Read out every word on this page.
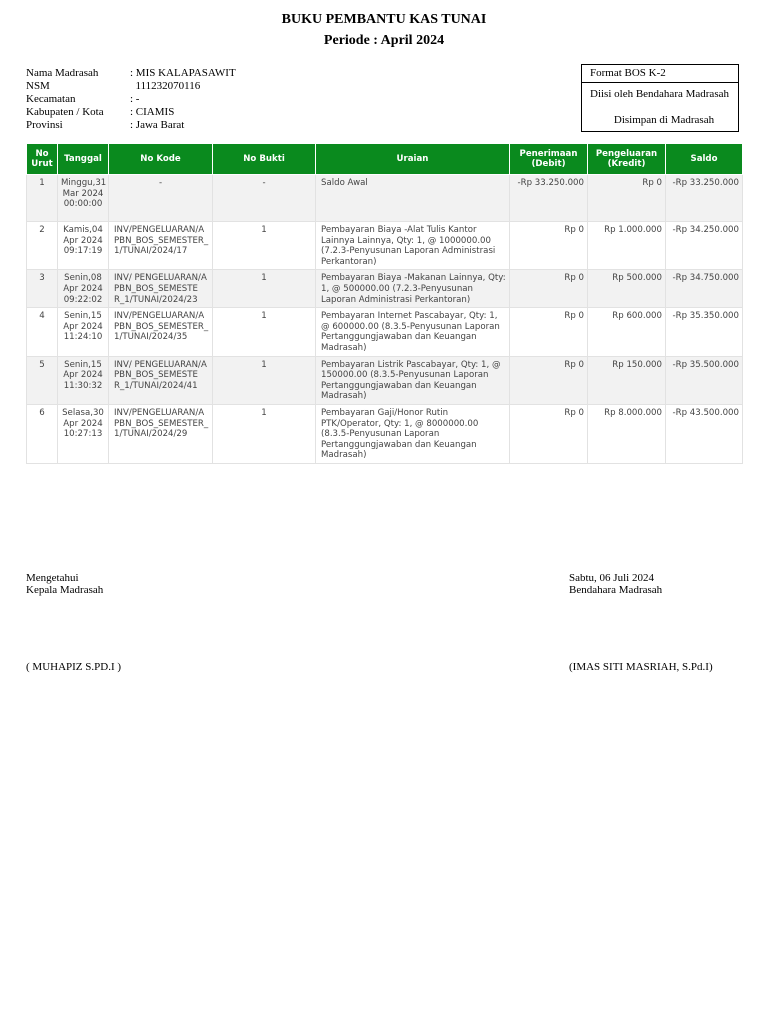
BUKU PEMBANTU KAS TUNAI
Periode : April 2024
Nama Madrasah	: MIS KALAPASAWIT
NSM	111232070116
Kecamatan	: -
Kabupaten / Kota	: CIAMIS
Provinsi	: Jawa Barat
Format BOS K-2
Diisi oleh Bendahara Madrasah
Disimpan di Madrasah
No Urut	Tanggal	No Kode	No Bukti	Uraian	Penerimaan (Debit)	Pengeluaran (Kredit)	Saldo
1	Minggu,31 Mar 2024 00:00:00	-	-	Saldo Awal	-Rp 33.250.000	Rp 0	-Rp 33.250.000
2	Kamis,04 Apr 2024 09:17:19	INV/PENGELUARAN/APBN_BOS_SEMESTER_1/TUNAI/2024/17	1	Pembayaran Biaya -Alat Tulis Kantor Lainnya Lainnya, Qty: 1, @ 1000000.00 (7.2.3-Penyusunan Laporan Administrasi Perkantoran)	Rp 0	Rp 1.000.000	-Rp 34.250.000
3	Senin,08 Apr 2024 09:22:02	INV/ PENGELUARAN/A PBN_BOS_SEMESTE R_1/TUNAI/2024/23	1	Pembayaran Biaya -Makanan Lainnya, Qty: 1, @ 500000.00 (7.2.3-Penyusunan Laporan Administrasi Perkantoran)	Rp 0	Rp 500.000	-Rp 34.750.000
4	Senin,15 Apr 2024 11:24:10	INV/PENGELUARAN/APBN_BOS_SEMESTER_1/TUNAI/2024/35	1	Pembayaran Internet Pascabayar, Qty: 1, @ 600000.00 (8.3.5-Penyusunan Laporan Pertanggungjawaban dan Keuangan Madrasah)	Rp 0	Rp 600.000	-Rp 35.350.000
5	Senin,15 Apr 2024 11:30:32	INV/ PENGELUARAN/A PBN_BOS_SEMESTE R_1/TUNAI/2024/41	1	Pembayaran Listrik Pascabayar, Qty: 1, @ 150000.00 (8.3.5-Penyusunan Laporan Pertanggungjawaban dan Keuangan Madrasah)	Rp 0	Rp 150.000	-Rp 35.500.000
6	Selasa,30 Apr 2024 10:27:13	INV/PENGELUARAN/APBN_BOS_SEMESTER_1/TUNAI/2024/29	1	Pembayaran Gaji/Honor Rutin PTK/Operator, Qty: 1, @ 8000000.00 (8.3.5-Penyusunan Laporan Pertanggungjawaban dan Keuangan Madrasah)	Rp 0	Rp 8.000.000	-Rp 43.500.000
Mengetahui
Kepala Madrasah
( MUHAPIZ S.PD.I )
Sabtu, 06 Juli 2024
Bendahara Madrasah
(IMAS SITI MASRIAH, S.Pd.I)
